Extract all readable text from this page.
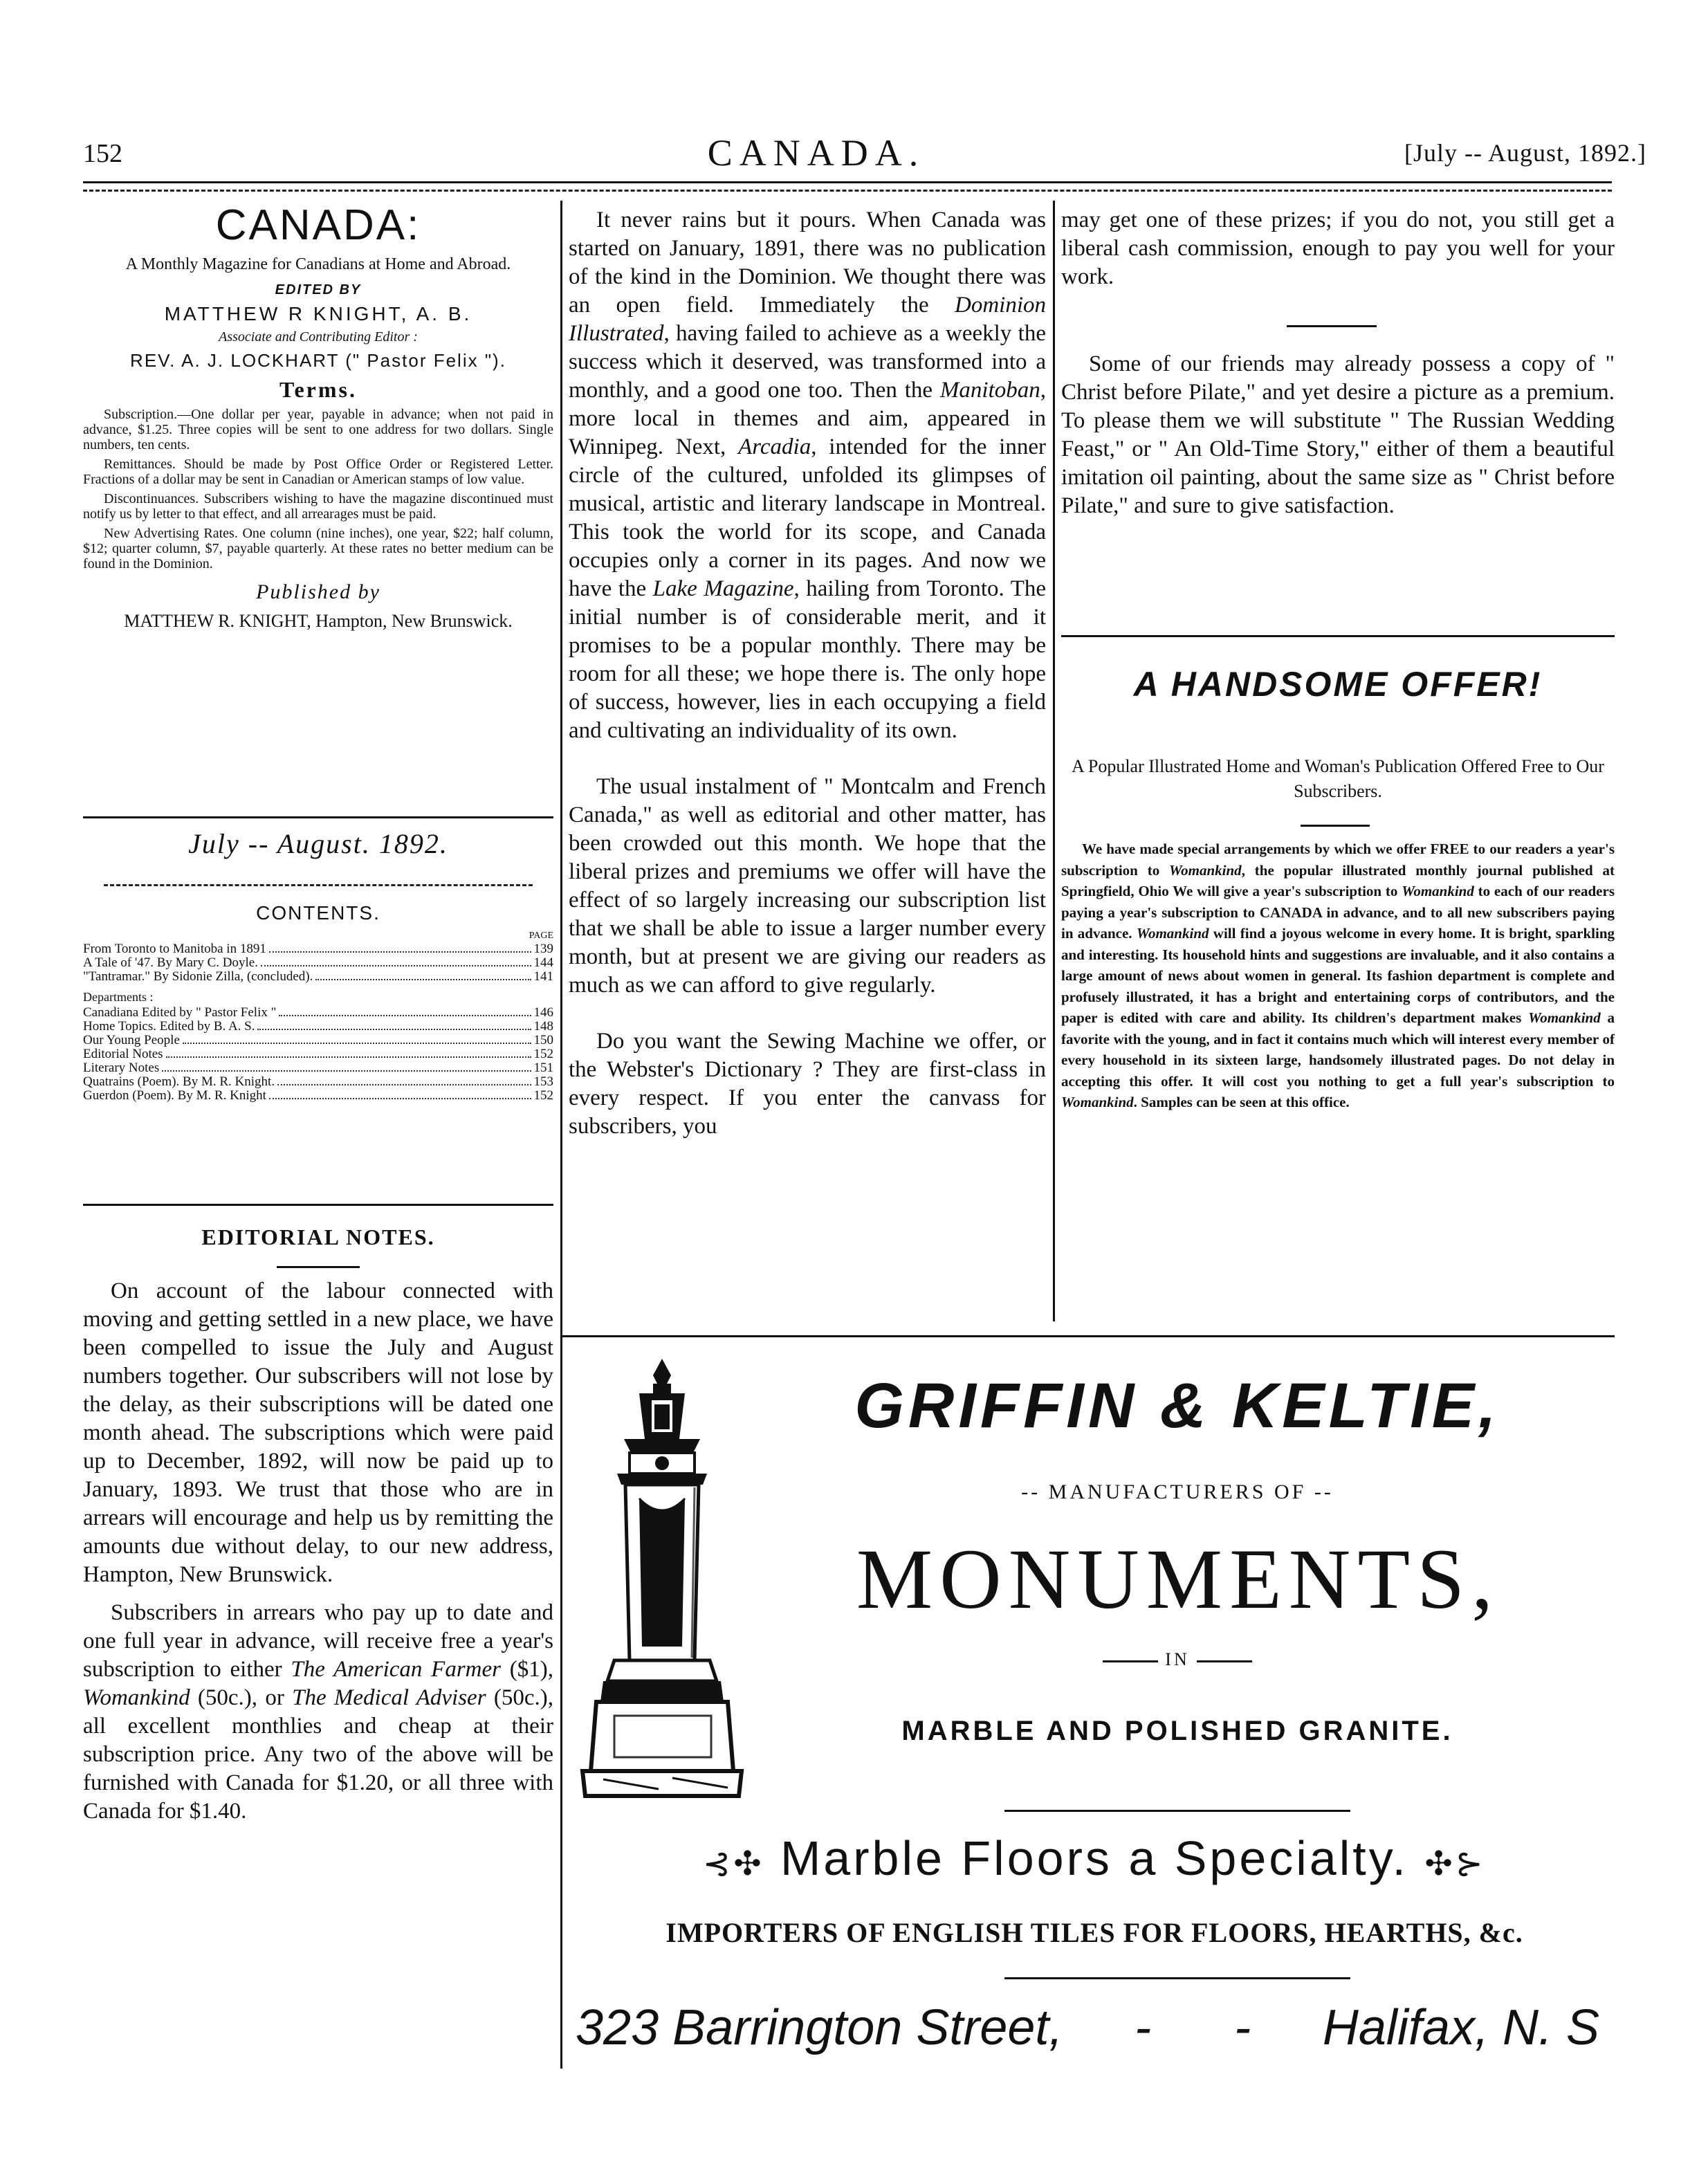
152	CANADA.	[July -- August, 1892.]
CANADA:
A Monthly Magazine for Canadians at Home and Abroad.
EDITED BY
MATTHEW R KNIGHT, A. B.
Associate and Contributing Editor :
REV. A. J. LOCKHART (" Pastor Felix ").
Terms.

Subscription.—One dollar per year, payable in advance; when not paid in advance, $1.25. Three copies will be sent to one address for two dollars. Single numbers, ten cents.

Remittances. Should be made by Post Office Order or Registered Letter. Fractions of a dollar may be sent in Canadian or American stamps of low value.

Discontinuances. Subscribers wishing to have the magazine discontinued must notify us by letter to that effect, and all arrearages must be paid.

New Advertising Rates. One column (nine inches), one year, $22; half column, $12; quarter column, $7, payable quarterly. At these rates no better medium can be found in the Dominion.

Published by
MATTHEW R. KNIGHT, Hampton, New Brunswick.
July -- August. 1892.
CONTENTS.
PAGE
From Toronto to Manitoba in 1891	139
A Tale of '47. By Mary C. Doyle.	144
"Tantramar." By Sidonie Zilla, (concluded).	141
Departments :
Canadiana Edited by " Pastor Felix "	146
Home Topics. Edited by B. A. S.	148
Our Young People	150
Editorial Notes	152
Literary Notes	151
Quatrains (Poem). By M. R. Knight.	153
Guerdon (Poem). By M. R. Knight	152
EDITORIAL NOTES.

On account of the labour connected with moving and getting settled in a new place, we have been compelled to issue the July and August numbers together. Our subscribers will not lose by the delay, as their subscriptions will be dated one month ahead. The subscriptions which were paid up to December, 1892, will now be paid up to January, 1893. We trust that those who are in arrears will encourage and help us by remitting the amounts due without delay, to our new address, Hampton, New Brunswick.

Subscribers in arrears who pay up to date and one full year in advance, will receive free a year's subscription to either The American Farmer ($1), Womankind (50c.), or The Medical Adviser (50c.), all excellent monthlies and cheap at their subscription price. Any two of the above will be furnished with Canada for $1.20, or all three with Canada for $1.40.

It never rains but it pours. When Canada was started on January, 1891, there was no publication of the kind in the Dominion. We thought there was an open field. Immediately the Dominion Illustrated, having failed to achieve as a weekly the success which it deserved, was transformed into a monthly, and a good one too. Then the Manitoban, more local in themes and aim, appeared in Winnipeg. Next, Arcadia, intended for the inner circle of the cultured, unfolded its glimpses of musical, artistic and literary landscape in Montreal. This took the world for its scope, and Canada occupies only a corner in its pages. And now we have the Lake Magazine, hailing from Toronto. The initial number is of considerable merit, and it promises to be a popular monthly. There may be room for all these; we hope there is. The only hope of success, however, lies in each occupying a field and cultivating an individuality of its own.

The usual instalment of " Montcalm and French Canada," as well as editorial and other matter, has been crowded out this month. We hope that the liberal prizes and premiums we offer will have the effect of so largely increasing our subscription list that we shall be able to issue a larger number every month, but at present we are giving our readers as much as we can afford to give regularly.

Do you want the Sewing Machine we offer, or the Webster's Dictionary ? They are first-class in every respect. If you enter the canvass for subscribers, you

may get one of these prizes; if you do not, you still get a liberal cash commission, enough to pay you well for your work.

Some of our friends may already possess a copy of " Christ before Pilate," and yet desire a picture as a premium. To please them we will substitute " The Russian Wedding Feast," or " An Old-Time Story," either of them a beautiful imitation oil painting, about the same size as " Christ before Pilate," and sure to give satisfaction.

A HANDSOME OFFER!
A Popular Illustrated Home and Woman's Publication Offered Free to Our Subscribers.

We have made special arrangements by which we offer FREE to our readers a year's subscription to Womankind, the popular illustrated monthly journal published at Springfield, Ohio We will give a year's subscription to Womankind to each of our readers paying a year's subscription to CANADA in advance, and to all new subscribers paying in advance. Womankind will find a joyous welcome in every home. It is bright, sparkling and interesting. Its household hints and suggestions are invaluable, and it also contains a large amount of news about women in general. Its fashion department is complete and profusely illustrated, it has a bright and entertaining corps of contributors, and the paper is edited with care and ability. Its children's department makes Womankind a favorite with the young, and in fact it contains much which will interest every member of every household in its sixteen large, handsomely illustrated pages. Do not delay in accepting this offer. It will cost you nothing to get a full year's subscription to Womankind. Samples can be seen at this office.

GRIFFIN & KELTIE,
-- MANUFACTURERS OF --
MONUMENTS,
IN
MARBLE AND POLISHED GRANITE.
⊰✣ Marble Floors a Specialty. ✣⊱
IMPORTERS OF ENGLISH TILES FOR FLOORS, HEARTHS, &c.
323 Barrington Street, -      - Halifax, N. S
